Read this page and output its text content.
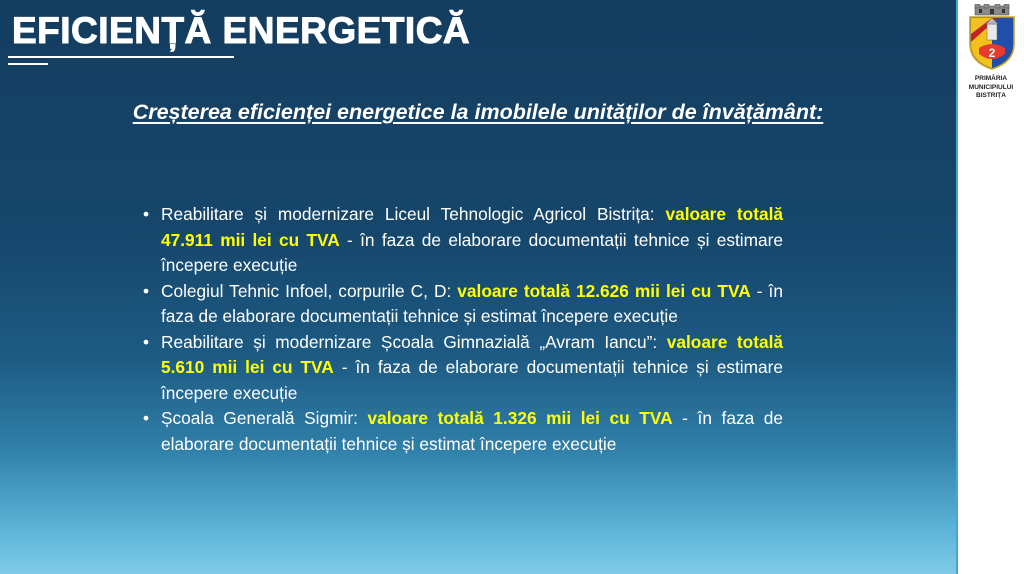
EFICIENȚĂ ENERGETICĂ

Creșterea eficienței energetice la imobilele unităților de învățământ:

• Reabilitare și modernizare Liceul Tehnologic Agricol Bistrița: valoare totală 47.911 mii lei cu TVA - în faza de elaborare documentații tehnice și estimare începere execuție
• Colegiul Tehnic Infoel, corpurile C, D: valoare totală 12.626 mii lei cu TVA - în faza de elaborare documentații tehnice și estimat începere execuție
• Reabilitare și modernizare Școala Gimnazială „Avram Iancu”: valoare totală 5.610 mii lei cu TVA - în faza de elaborare documentații tehnice și estimare începere execuție
• Școala Generală Sigmir: valoare totală 1.326 mii lei cu TVA - în faza de elaborare documentații tehnice și estimat începere execuție
2

PRIMĂRIA
MUNICIPIULUI
BISTRIȚA
